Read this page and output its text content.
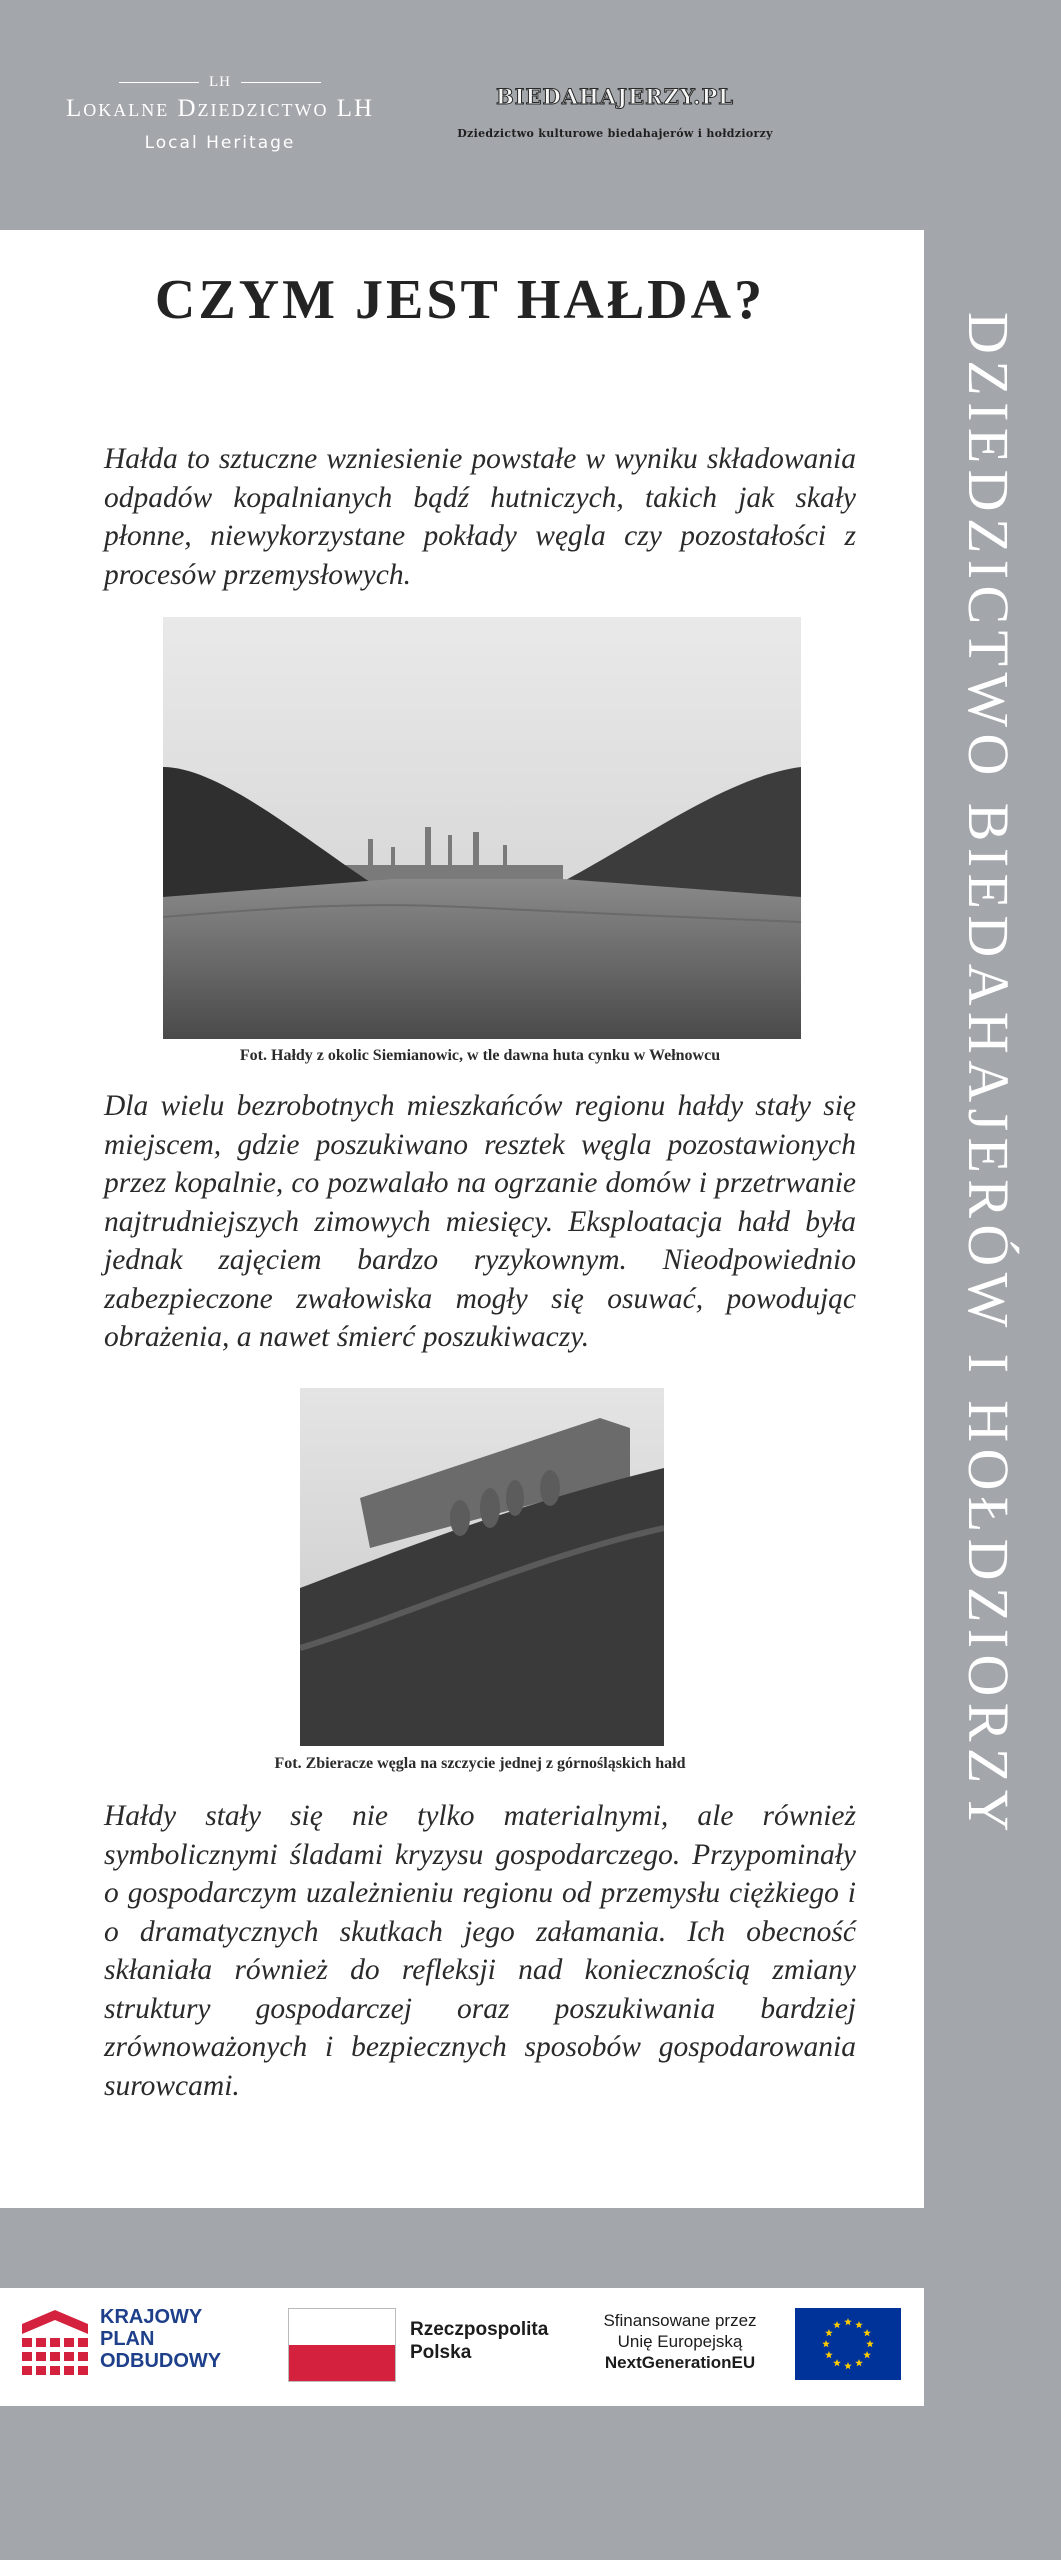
LH
Lokalne Dziedzictwo LH
Local Heritage
BIEDAHAJERZY.PL
Dziedzictwo kulturowe biedahajerów i hołdziorzy
CZYM JEST HAŁDA?

Hałda to sztuczne wzniesienie powstałe w wyniku składowania odpadów kopalnianych bądź hutniczych, takich jak skały płonne, niewykorzystane pokłady węgla czy pozostałości z procesów przemysłowych.

Fot. Hałdy z okolic Siemianowic, w tle dawna huta cynku w Wełnowcu

Dla wielu bezrobotnych mieszkańców regionu hałdy stały się miejscem, gdzie poszukiwano resztek węgla pozostawionych przez kopalnie, co pozwalało na ogrzanie domów i przetrwanie najtrudniejszych zimowych miesięcy. Eksploatacja hałd była jednak zajęciem bardzo ryzykownym. Nieodpowiednio zabezpieczone zwałowiska mogły się osuwać, powodując obrażenia, a nawet śmierć poszukiwaczy.

Fot. Zbieracze węgla na szczycie jednej z górnośląskich hałd

Hałdy stały się nie tylko materialnymi, ale również symbolicznymi śladami kryzysu gospodarczego. Przypominały o gospodarczym uzależnieniu regionu od przemysłu ciężkiego i o dramatycznych skutkach jego załamania. Ich obecność skłaniała również do refleksji nad koniecznością zmiany struktury gospodarczej oraz poszukiwania bardziej zrównoważonych i bezpiecznych sposobów gospodarowania surowcami.

DZIEDZICTWO BIEDAHAJERÓW I HOŁDZIORZY
KRAJOWY
PLAN
ODBUDOWY
Rzeczpospolita
Polska
Sfinansowane przez
Unię Europejską
NextGenerationEU
